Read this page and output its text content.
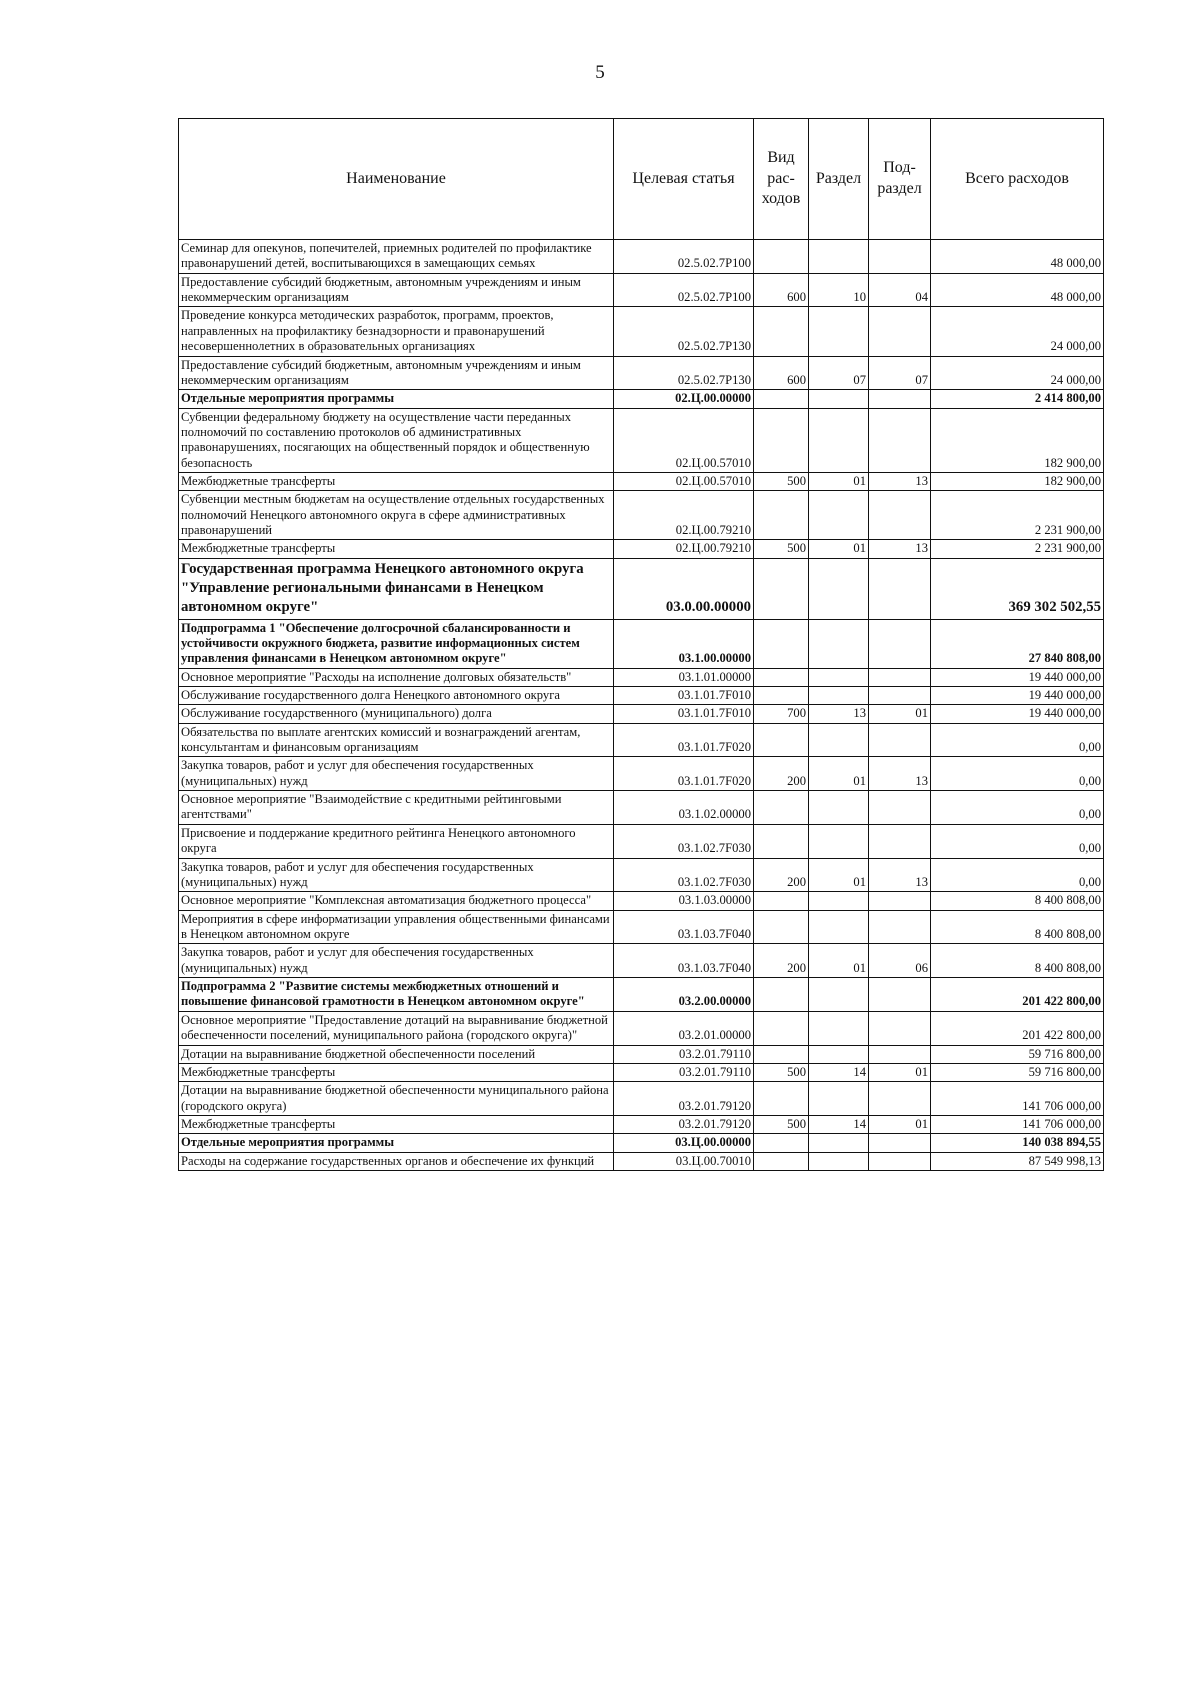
5
Наименование	Целевая статья	Вид рас-ходов	Раздел	Под-раздел	Всего расходов
Семинар для опекунов, попечителей, приемных родителей по профилактике правонарушений детей, воспитывающихся в замещающих семьях	02.5.02.7Р100				48 000,00
Предоставление субсидий бюджетным, автономным учреждениям и иным некоммерческим организациям	02.5.02.7Р100	600	10	04	48 000,00
Проведение конкурса методических разработок, программ, проектов, направленных на профилактику безнадзорности и правонарушений несовершеннолетних в образовательных организациях	02.5.02.7Р130				24 000,00
Предоставление субсидий бюджетным, автономным учреждениям и иным некоммерческим организациям	02.5.02.7Р130	600	07	07	24 000,00
Отдельные мероприятия программы	02.Ц.00.00000				2 414 800,00
Субвенции федеральному бюджету на осуществление части переданных полномочий по составлению протоколов об административных правонарушениях, посягающих на общественный порядок и общественную безопасность	02.Ц.00.57010				182 900,00
Межбюджетные трансферты	02.Ц.00.57010	500	01	13	182 900,00
Субвенции местным бюджетам на осуществление отдельных государственных полномочий Ненецкого автономного округа в сфере административных правонарушений	02.Ц.00.79210				2 231 900,00
Межбюджетные трансферты	02.Ц.00.79210	500	01	13	2 231 900,00
Государственная программа Ненецкого автономного округа "Управление региональными финансами в Ненецком автономном округе"	03.0.00.00000				369 302 502,55
Подпрограмма 1 "Обеспечение долгосрочной сбалансированности и устойчивости окружного бюджета, развитие информационных систем управления финансами в Ненецком автономном округе"	03.1.00.00000				27 840 808,00
Основное мероприятие "Расходы на исполнение долговых обязательств"	03.1.01.00000				19 440 000,00
Обслуживание государственного долга Ненецкого автономного округа	03.1.01.7F010				19 440 000,00
Обслуживание государственного (муниципального) долга	03.1.01.7F010	700	13	01	19 440 000,00
Обязательства по выплате агентских комиссий и вознаграждений агентам, консультантам и финансовым организациям	03.1.01.7F020				0,00
Закупка товаров, работ и услуг для обеспечения государственных (муниципальных) нужд	03.1.01.7F020	200	01	13	0,00
Основное мероприятие "Взаимодействие с кредитными рейтинговыми агентствами"	03.1.02.00000				0,00
Присвоение и поддержание кредитного рейтинга Ненецкого автономного округа	03.1.02.7F030				0,00
Закупка товаров, работ и услуг для обеспечения государственных (муниципальных) нужд	03.1.02.7F030	200	01	13	0,00
Основное мероприятие "Комплексная автоматизация бюджетного процесса"	03.1.03.00000				8 400 808,00
Мероприятия в сфере информатизации управления общественными финансами в Ненецком автономном округе	03.1.03.7F040				8 400 808,00
Закупка товаров, работ и услуг для обеспечения государственных (муниципальных) нужд	03.1.03.7F040	200	01	06	8 400 808,00
Подпрограмма 2 "Развитие системы межбюджетных отношений и повышение финансовой грамотности в Ненецком автономном округе"	03.2.00.00000				201 422 800,00
Основное мероприятие "Предоставление дотаций на выравнивание бюджетной обеспеченности поселений, муниципального района (городского округа)"	03.2.01.00000				201 422 800,00
Дотации на выравнивание бюджетной обеспеченности поселений	03.2.01.79110				59 716 800,00
Межбюджетные трансферты	03.2.01.79110	500	14	01	59 716 800,00
Дотации на выравнивание бюджетной обеспеченности муниципального района (городского округа)	03.2.01.79120				141 706 000,00
Межбюджетные трансферты	03.2.01.79120	500	14	01	141 706 000,00
Отдельные мероприятия программы	03.Ц.00.00000				140 038 894,55
Расходы на содержание государственных органов и обеспечение их функций	03.Ц.00.70010				87 549 998,13
